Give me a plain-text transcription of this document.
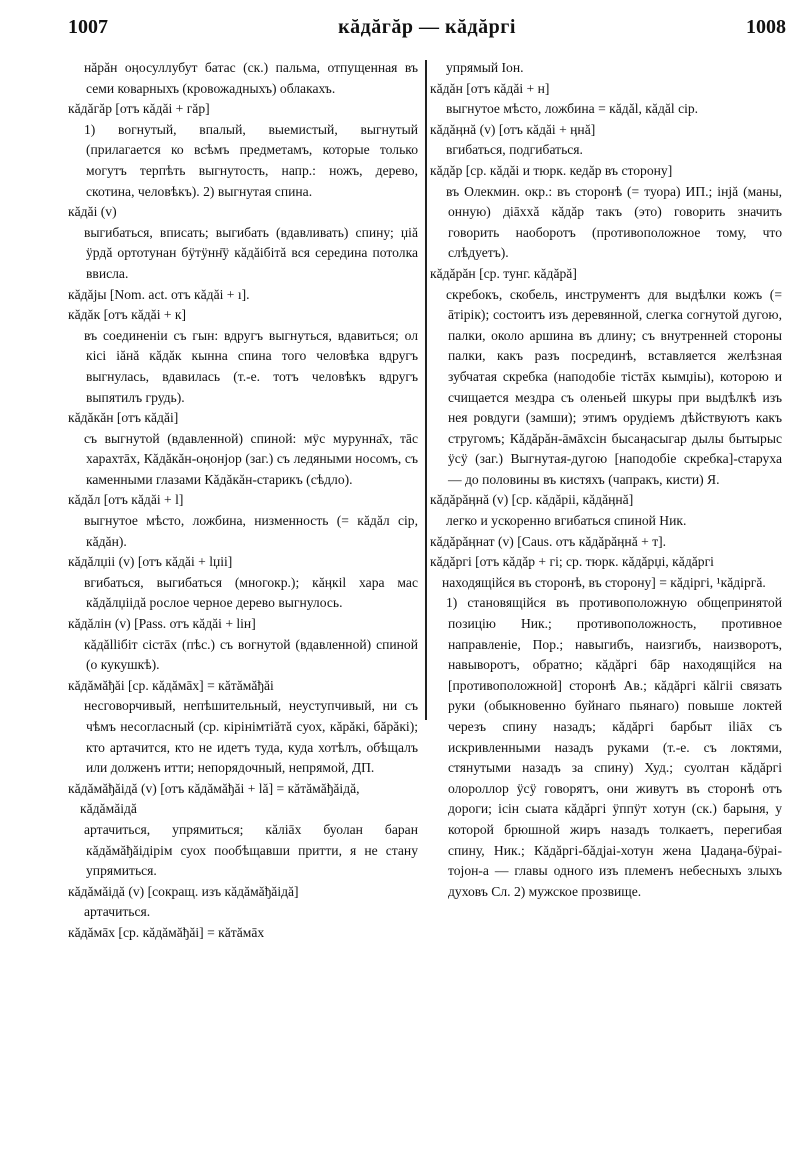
1007	кăдăгăр — кăдăргі	1008
нăрăн оӊосуллубут батас (ск.) пальма, отпущенная въ семи коварныхъ (кровожадныхъ) облакахъ.
кăдăгăр [отъ кăдăі + гăр]
1) вогнутый, впалый, выемистый, выгнутый (прилагается ко всѣмъ предметамъ, которые только могутъ терпѣть выгнутость, напр.: ножъ, дерево, скотина, человѣкъ). 2) выгнутая спина.
кăдăі (v)
выгибаться, вписать; выгибать (вдавливать) спину; џіă ÿрдă ортотунан бÿтÿнн̄ÿ кăдăібітă вся середина потолка ввисла.
кăдăjы [Nom. act. отъ кăдăі + ı].
кăдăк [отъ кăдăі + к]
въ соединеніи съ гын: вдругъ выгнуться, вдавиться; ол кісі іăнă кăдăк кынна спина того человѣка вдругъ выгнулась, вдавилась (т.-е. тотъ человѣкъ вдругъ выпятилъ грудь).
кăдăкăн [отъ кăдăі]
съ выгнутой (вдавленной) спиной: мÿс мурунна̄х, тāс харахтāх, Кăдăкăн-оӊонјор (заг.) съ ледяными носомъ, съ каменными глазами Кăдăкăн-старикъ (сѣдло).
кăдăл [отъ кăдăі + l]
выгнутое мѣсто, ложбина, низменность (= кăдăл сір, кăдăн).
кăдăлџіі (v) [отъ кăдăі + lџіі]
вгибаться, выгибаться (многокр.); кăӊкіl хара мас кăдăлџіідă рослое черное дерево выгнулось.
кăдăлін (v) [Pass. отъ кăдăі + lін]
кăдăllібіт сістāх (пѣс.) съ вогнутой (вдавленной) спиной (о кукушкѣ).
кăдăмăђăі [ср. кăдăмāх] = кăтăмăђăі
несговорчивый, непѣшительный, неуступчивый, ни съ чѣмъ несогласный (ср. кірінімтіăтă суох, кăрăкі, бăрăкі); кто артачится, кто не идетъ туда, куда хотѣлъ, обѣщалъ или долженъ итти; непорядочный, непрямой, ДП.
кăдăмăђăідă (v) [отъ кăдăмăђăі + lă] = кăтăмăђăідă, кăдăмăідă
артачиться, упрямиться; кăлiāх буолан баран кăдăмăђăідірім суох пообѣщавши притти, я не стану упрямиться.
кăдăмăідă (v) [сокращ. изъ кăдăмăђăідă]
артачиться.
кăдăмāх [ср. кăдăмăђăі] = кăтăмāх
упрямый Іон.
кăдăн [отъ кăдăі + н]
выгнутое мѣсто, ложбина = кăдăl, кăдăl сір.
кăдăӊнă (v) [отъ кăдăі + ӊнă]
вгибаться, подгибаться.
кăдăр [ср. кăдăі и тюрк. кедăр въ сторону]
въ Олекмин. окр.: въ сторонѣ (= туора) ИП.; інјă (маны, онную) дiāххă кăдăр такъ (это) говорить значить говорить наоборотъ (противоположное тому, что слѣдуетъ).
кăдăрăн [ср. тунг. кăдăрă]
скребокъ, скобель, инструментъ для выдѣлки кожъ (= āтірік); состоитъ изъ деревянной, слегка согнутой дугою, палки, около аршина въ длину; съ внутренней стороны палки, какъ разъ посрединѣ, вставляется желѣзная зубчатая скребка (наподобіе тiстāх кымџіы), которою и счищается мездра съ оленьей шкуры при выдѣлкѣ изъ нея ровдуги (замши); этимъ орудіемъ дѣйствуютъ какъ стругомъ; Кăдăрăн-āмāхсін бысаӊасыгар дылы бытырыс ÿсÿ (заг.) Выгнутая-дугою [наподобіе скребка]-старуха — до половины въ кистяхъ (чапракъ, кисти) Я.
кăдăрăӊнă (v) [ср. кăдăріі, кăдăӊнă]
легко и ускоренно вгибаться спиной Ник.
кăдăрăӊнат (v) [Caus. отъ кăдăрăӊнă + т].
кăдăргі [отъ кăдăр + гі; ср. тюрк. кăдăрџі, кăдăргі находящійся въ сторонѣ, въ сторону] = кăдіргі, ¹кăдіргă.
1) становящійся въ противоположную общепринятой позицію Ник.; противоположность, противное направленіе, Пор.; навыгибъ, наизгибъ, наизворотъ, навыворотъ, обратно; кăдăргі бāр находящійся на [противоположной] сторонѣ Ав.; кăдăргі кălгіі связать руки (обыкновенно буйнаго пьянаго) повыше локтей черезъ спину назадъ; кăдăргі барбыт іliāх съ искривленными назадъ руками (т.-е. съ локтями, стянутыми назадъ за спину) Худ.; суолтан кăдăргі олороллор ÿсÿ говорятъ, они живутъ въ сторонѣ отъ дороги; ісін сыата кăдăргі ÿппÿт хотун (ск.) барыня, у которой брюшной жиръ назадъ толкаетъ, перегибая спину, Ник.; Кăдăргі-бăдjaі-хотун жена Џадаӊа-бÿраі-тојон-а — главы одного изъ племенъ небесныхъ злыхъ духовъ Сл. 2) мужское прозвище.
